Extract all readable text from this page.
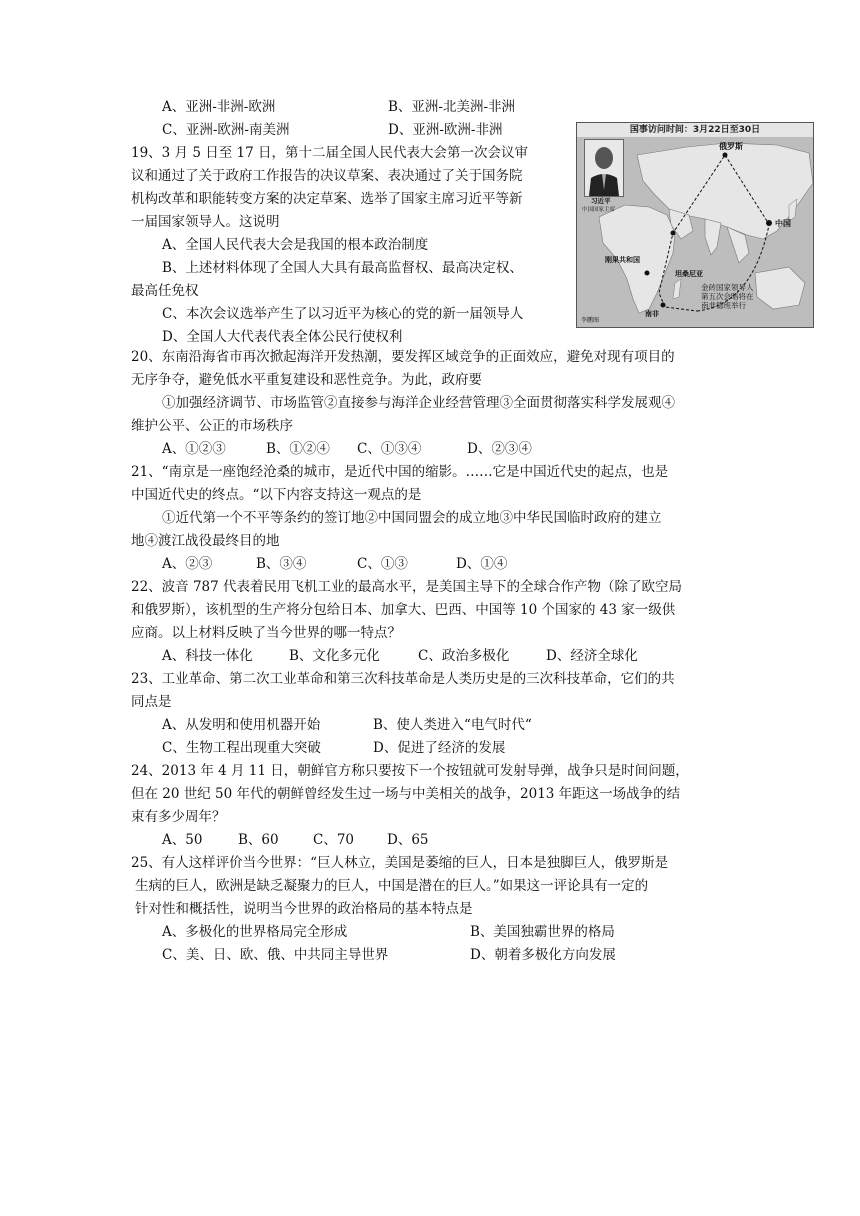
A、亚洲-非洲-欧洲	B、亚洲-北美洲-非洲
C、亚洲-欧洲-南美洲	D、亚洲-欧洲-非洲
19、3 月 5 日至 17 日，第十二届全国人民代表大会第一次会议审
议和通过了关于政府工作报告的决议草案、表决通过了关于国务院
机构改革和职能转变方案的决定草案、选举了国家主席习近平等新
一届国家领导人。这说明
A、全国人民代表大会是我国的根本政治制度
B、上述材料体现了全国人大具有最高监督权、最高决定权、
最高任免权
C、本次会议选举产生了以习近平为核心的党的新一届领导人
D、全国人大代表代表全体公民行使权利
20、东南沿海省市再次掀起海洋开发热潮，要发挥区域竞争的正面效应，避免对现有项目的
无序争夺，避免低水平重复建设和恶性竞争。为此，政府要
①加强经济调节、市场监管②直接参与海洋企业经营管理③全面贯彻落实科学发展观④
维护公平、公正的市场秩序
21、“南京是一座饱经沧桑的城市，是近代中国的缩影。……它是中国近代史的起点，也是
中国近代史的终点。“以下内容支持这一观点的是
①近代第一个不平等条约的签订地②中国同盟会的成立地③中华民国临时政府的建立
地④渡江战役最终目的地
22、波音 787 代表着民用飞机工业的最高水平，是美国主导下的全球合作产物（除了欧空局
和俄罗斯），该机型的生产将分包给日本、加拿大、巴西、中国等 10 个国家的 43 家一级供
应商。以上材料反映了当今世界的哪一特点？
23、工业革命、第二次工业革命和第三次科技革命是人类历史是的三次科技革命，它们的共
同点是
24、2013 年 4 月 11 日，朝鲜官方称只要按下一个按钮就可发射导弹，战争只是时间问题，
但在 20 世纪 50 年代的朝鲜曾经发生过一场与中美相关的战争，2013 年距这一场战争的结
束有多少周年？
25、有人这样评价当今世界：“巨人林立，美国是萎缩的巨人，日本是独脚巨人，俄罗斯是
生病的巨人，欧洲是缺乏凝聚力的巨人，中国是潜在的巨人。”如果这一评论具有一定的
针对性和概括性，说明当今世界的政治格局的基本特点是
A、①②③	B、①②④ C、①③④	D、②③④
A、②③	B、③④	C、①③	D、①④
A、科技一体化	B、文化多元化	C、政治多极化	D、经济全球化
A、从发明和使用机器开始	B、使人类进入“电气时代“
C、生物工程出现重大突破	D、促进了经济的发展
A、50	B、60	C、70 D、65
A、多极化的世界格局完全形成	B、美国独霸世界的格局
C、美、日、欧、俄、中共同主导世界	D、朝着多极化方向发展
国事访问时间：3月22日至30日
习近平
中国国家主席
俄罗斯
中国
刚果共和国
坦桑尼亚
南非
李鹏图
金砖国家领导人
第五次会晤将在
南非德班举行
